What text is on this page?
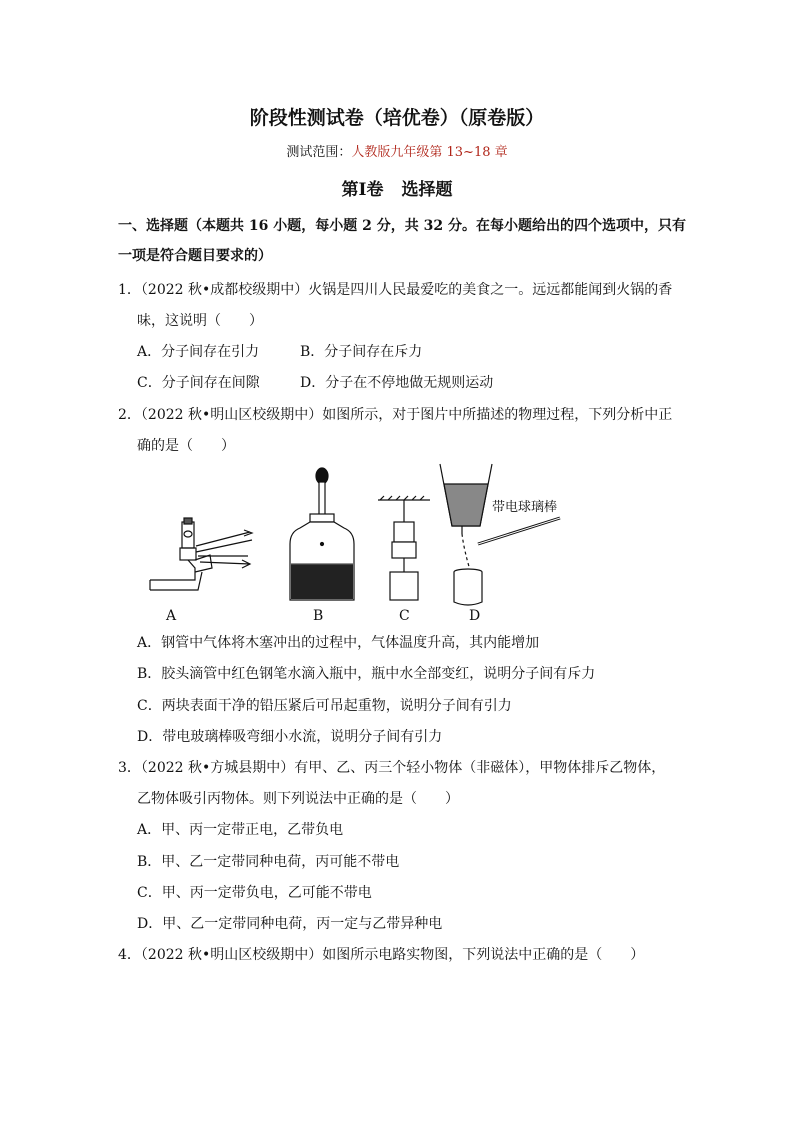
阶段性测试卷（培优卷）（原卷版）
测试范围：人教版九年级第 13~18 章
第Ⅰ卷 选择题
一、选择题（本题共 16 小题，每小题 2 分，共 32 分。在每小题给出的四个选项中，只有
一项是符合题目要求的）
1．（2022 秋•成都校级期中）火锅是四川人民最爱吃的美食之一。远远都能闻到火锅的香
味，这说明（　　）
A．分子间存在引力	B．分子间存在斥力
C．分子间存在间隙	D．分子在不停地做无规则运动
2．（2022 秋•明山区校级期中）如图所示，对于图片中所描述的物理过程，下列分析中正
确的是（　　）
带电球璃棒
A	B	C	D
A．钢管中气体将木塞冲出的过程中，气体温度升高，其内能增加
B．胶头滴管中红色钢笔水滴入瓶中，瓶中水全部变红，说明分子间有斥力
C．两块表面干净的铅压紧后可吊起重物，说明分子间有引力
D．带电玻璃棒吸弯细小水流，说明分子间有引力
3．（2022 秋•方城县期中）有甲、乙、丙三个轻小物体（非磁体），甲物体排斥乙物体，
乙物体吸引丙物体。则下列说法中正确的是（　　）
A．甲、丙一定带正电，乙带负电
B．甲、乙一定带同种电荷，丙可能不带电
C．甲、丙一定带负电，乙可能不带电
D．甲、乙一定带同种电荷，丙一定与乙带异种电
4．（2022 秋•明山区校级期中）如图所示电路实物图，下列说法中正确的是（　　）
